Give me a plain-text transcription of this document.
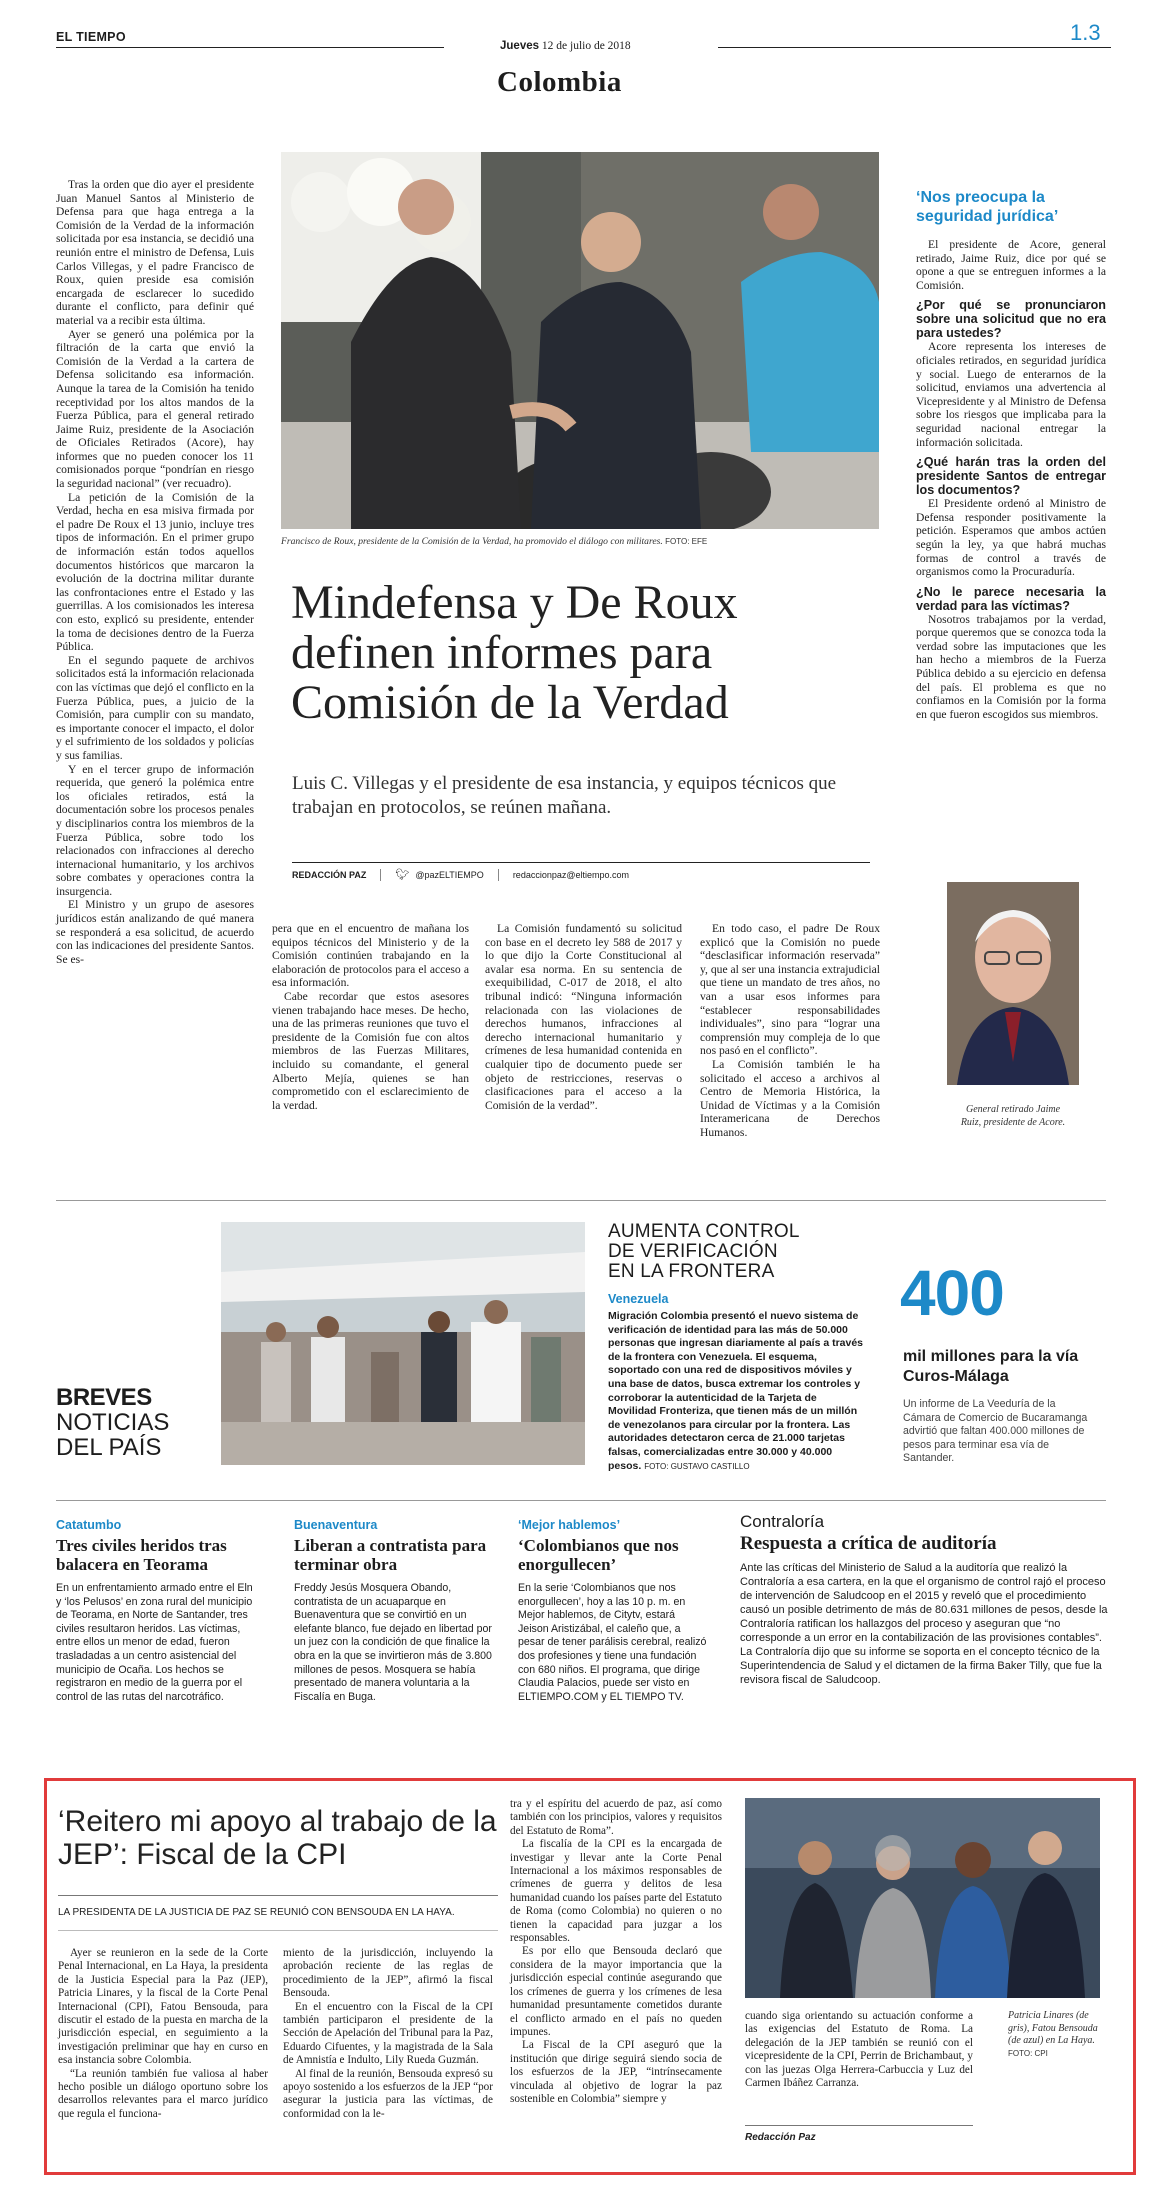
EL TIEMPO
Jueves 12 de julio de 2018
1.3
Colombia

Tras la orden que dio ayer el presidente Juan Manuel Santos al Ministerio de Defensa para que haga entrega a la Comisión de la Verdad de la información solicitada por esa instancia, se decidió una reunión entre el ministro de Defensa, Luis Carlos Villegas, y el padre Francisco de Roux, quien preside esa comisión encargada de esclarecer lo sucedido durante el conflicto, para definir qué material va a recibir esta última.

Ayer se generó una polémica por la filtración de la carta que envió la Comisión de la Verdad a la cartera de Defensa solicitando esa información. Aunque la tarea de la Comisión ha tenido receptividad por los altos mandos de la Fuerza Pública, para el general retirado Jaime Ruiz, presidente de la Asociación de Oficiales Retirados (Acore), hay informes que no pueden conocer los 11 comisionados porque “pondrían en riesgo la seguridad nacional” (ver recuadro).

La petición de la Comisión de la Verdad, hecha en esa misiva firmada por el padre De Roux el 13 junio, incluye tres tipos de información. En el primer grupo de información están todos aquellos documentos históricos que marcaron la evolución de la doctrina militar durante las confrontaciones entre el Estado y las guerrillas. A los comisionados les interesa con esto, explicó su presidente, entender la toma de decisiones dentro de la Fuerza Pública.

En el segundo paquete de archivos solicitados está la información relacionada con las víctimas que dejó el conflicto en la Fuerza Pública, pues, a juicio de la Comisión, para cumplir con su mandato, es importante conocer el impacto, el dolor y el sufrimiento de los soldados y policías y sus familias.

Y en el tercer grupo de información requerida, que generó la polémica entre los oficiales retirados, está la documentación sobre los procesos penales y disciplinarios contra los miembros de la Fuerza Pública, sobre todo los relacionados con infracciones al derecho internacional humanitario, y los archivos sobre combates y operaciones contra la insurgencia.

El Ministro y un grupo de asesores jurídicos están analizando de qué manera se responderá a esa solicitud, de acuerdo con las indicaciones del presidente Santos. Se es-

Francisco de Roux, presidente de la Comisión de la Verdad, ha promovido el diálogo con militares. FOTO: EFE
Mindefensa y De Roux definen informes para Comisión de la Verdad
Luis C. Villegas y el presidente de esa instancia, y equipos técnicos que trabajan en protocolos, se reúnen mañana.
REDACCIÓN PAZ	🐦︎ @pazELTIEMPO	redaccionpaz@eltiempo.com

pera que en el encuentro de mañana los equipos técnicos del Ministerio y de la Comisión continúen trabajando en la elaboración de protocolos para el acceso a esa información.

Cabe recordar que estos asesores vienen trabajando hace meses. De hecho, una de las primeras reuniones que tuvo el presidente de la Comisión fue con altos miembros de las Fuerzas Militares, incluido su comandante, el general Alberto Mejía, quienes se han comprometido con el esclarecimiento de la verdad.

La Comisión fundamentó su solicitud con base en el decreto ley 588 de 2017 y lo que dijo la Corte Constitucional al avalar esa norma. En su sentencia de exequibilidad, C-017 de 2018, el alto tribunal indicó: “Ninguna información relacionada con las violaciones de derechos humanos, infracciones al derecho internacional humanitario y crímenes de lesa humanidad contenida en cualquier tipo de documento puede ser objeto de restricciones, reservas o clasificaciones para el acceso a la Comisión de la verdad”.

En todo caso, el padre De Roux explicó que la Comisión no puede “desclasificar información reservada” y, que al ser una instancia extrajudicial que tiene un mandato de tres años, no van a usar esos informes para “establecer responsabilidades individuales”, sino para “lograr una comprensión muy compleja de lo que nos pasó en el conflicto”.

La Comisión también le ha solicitado el acceso a archivos al Centro de Memoria Histórica, la Unidad de Víctimas y a la Comisión Interamericana de Derechos Humanos.

‘Nos preocupa la seguridad jurídica’

El presidente de Acore, general retirado, Jaime Ruiz, dice por qué se opone a que se entreguen informes a la Comisión.

¿Por qué se pronunciaron sobre una solicitud que no era para ustedes?

Acore representa los intereses de oficiales retirados, en seguridad jurídica y social. Luego de enterarnos de la solicitud, enviamos una advertencia al Vicepresidente y al Ministro de Defensa sobre los riesgos que implicaba para la seguridad nacional entregar la información solicitada.

¿Qué harán tras la orden del presidente Santos de entregar los documentos?

El Presidente ordenó al Ministro de Defensa responder positivamente la petición. Esperamos que ambos actúen según la ley, ya que habrá muchas formas de control a través de organismos como la Procuraduría.

¿No le parece necesaria la verdad para las víctimas?

Nosotros trabajamos por la verdad, porque queremos que se conozca toda la verdad sobre las imputaciones que les han hecho a miembros de la Fuerza Pública debido a su ejercicio en defensa del país. El problema es que no confiamos en la Comisión por la forma en que fueron escogidos sus miembros.

General retirado Jaime Ruiz, presidente de Acore.
BREVES
NOTICIAS
DEL PAÍS
AUMENTA CONTROL DE VERIFICACIÓN EN LA FRONTERA
Venezuela
Migración Colombia presentó el nuevo sistema de verificación de identidad para las más de 50.000 personas que ingresan diariamente al país a través de la frontera con Venezuela. El esquema, soportado con una red de dispositivos móviles y una base de datos, busca extremar los controles y corroborar la autenticidad de la Tarjeta de Movilidad Fronteriza, que tienen más de un millón de venezolanos para circular por la frontera. Las autoridades detectaron cerca de 21.000 tarjetas falsas, comercializadas entre 30.000 y 40.000 pesos. FOTO: GUSTAVO CASTILLO
400
mil millones para la vía Curos-Málaga
Un informe de La Veeduría de la Cámara de Comercio de Bucaramanga advirtió que faltan 400.000 millones de pesos para terminar esa vía de Santander.
Catatumbo
Tres civiles heridos tras balacera en Teorama
En un enfrentamiento armado entre el Eln y ‘los Pelusos’ en zona rural del municipio de Teorama, en Norte de Santander, tres civiles resultaron heridos. Las víctimas, entre ellos un menor de edad, fueron trasladadas a un centro asistencial del municipio de Ocaña. Los hechos se registraron en medio de la guerra por el control de las rutas del narcotráfico.
Buenaventura
Liberan a contratista para terminar obra
Freddy Jesús Mosquera Obando, contratista de un acuaparque en Buenaventura que se convirtió en un elefante blanco, fue dejado en libertad por un juez con la condición de que finalice la obra en la que se invirtieron más de 3.800 millones de pesos. Mosquera se había presentado de manera voluntaria a la Fiscalía en Buga.
‘Mejor hablemos’
‘Colombianos que nos enorgullecen’
En la serie ‘Colombianos que nos enorgullecen’, hoy a las 10 p. m. en Mejor hablemos, de Citytv, estará Jeison Aristizábal, el caleño que, a pesar de tener parálisis cerebral, realizó dos profesiones y tiene una fundación con 680 niños. El programa, que dirige Claudia Palacios, puede ser visto en ELTIEMPO.COM y EL TIEMPO TV.
Contraloría
Respuesta a crítica de auditoría
Ante las críticas del Ministerio de Salud a la auditoría que realizó la Contraloría a esa cartera, en la que el organismo de control rajó el proceso de intervención de Saludcoop en el 2015 y reveló que el procedimiento causó un posible detrimento de más de 80.631 millones de pesos, desde la Contraloría ratifican los hallazgos del proceso y aseguran que “no corresponde a un error en la contabilización de las provisiones contables”. La Contraloría dijo que su informe se soporta en el concepto técnico de la Superintendencia de Salud y el dictamen de la firma Baker Tilly, que fue la revisora fiscal de Saludcoop.
‘Reitero mi apoyo al trabajo de la JEP’: Fiscal de la CPI
LA PRESIDENTA DE LA JUSTICIA DE PAZ SE REUNIÓ CON BENSOUDA EN LA HAYA.

Ayer se reunieron en la sede de la Corte Penal Internacional, en La Haya, la presidenta de la Justicia Especial para la Paz (JEP), Patricia Linares, y la fiscal de la Corte Penal Internacional (CPI), Fatou Bensouda, para discutir el estado de la puesta en marcha de la jurisdicción especial, en seguimiento a la investigación preliminar que hay en curso en esa instancia sobre Colombia.

“La reunión también fue valiosa al haber hecho posible un diálogo oportuno sobre los desarrollos relevantes para el marco jurídico que regula el funciona-

miento de la jurisdicción, incluyendo la aprobación reciente de las reglas de procedimiento de la JEP”, afirmó la fiscal Bensouda.

En el encuentro con la Fiscal de la CPI también participaron el presidente de la Sección de Apelación del Tribunal para la Paz, Eduardo Cifuentes, y la magistrada de la Sala de Amnistía e Indulto, Lily Rueda Guzmán.

Al final de la reunión, Bensouda expresó su apoyo sostenido a los esfuerzos de la JEP “por asegurar la justicia para las víctimas, de conformidad con la le-

tra y el espíritu del acuerdo de paz, así como también con los principios, valores y requisitos del Estatuto de Roma”.

La fiscalía de la CPI es la encargada de investigar y llevar ante la Corte Penal Internacional a los máximos responsables de crímenes de guerra y delitos de lesa humanidad cuando los países parte del Estatuto de Roma (como Colombia) no quieren o no tienen la capacidad para juzgar a los responsables.

Es por ello que Bensouda declaró que considera de la mayor importancia que la jurisdicción especial continúe asegurando que los crímenes de guerra y los crímenes de lesa humanidad presuntamente cometidos durante el conflicto armado en el país no queden impunes.

La Fiscal de la CPI aseguró que la institución que dirige seguirá siendo socia de los esfuerzos de la JEP, “intrínsecamente vinculada al objetivo de lograr la paz sostenible en Colombia” siempre y

cuando siga orientando su actuación conforme a las exigencias del Estatuto de Roma. La delegación de la JEP también se reunió con el vicepresidente de la CPI, Perrin de Brichambaut, y con las juezas Olga Herrera-Carbuccia y Luz del Carmen Ibáñez Carranza.

Redacción Paz
Patricia Linares (de gris), Fatou Bensouda (de azul) en La Haya. FOTO: CPI
